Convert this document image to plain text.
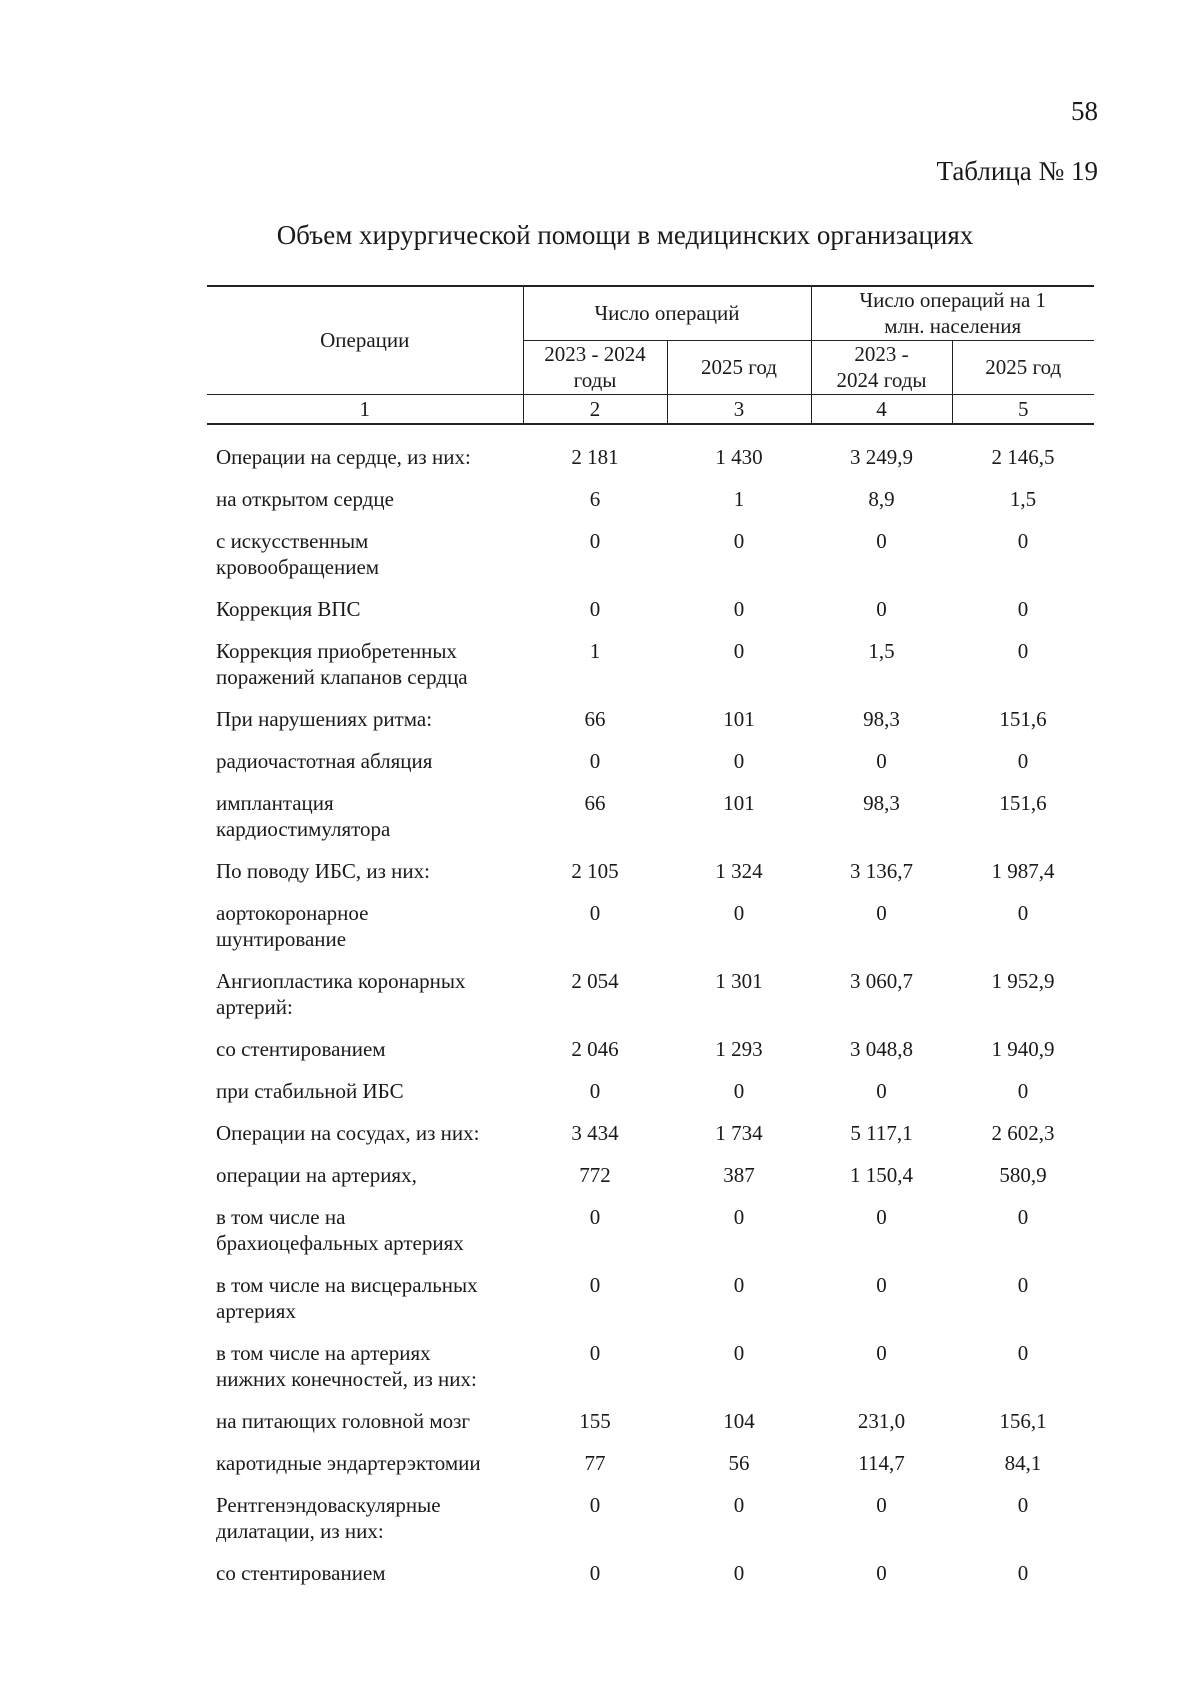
58
Таблица № 19
Объем хирургической помощи в медицинских организациях
Операции	Число операций		Число операций на 1 млн. населения	
	2023 - 2024 годы	2025 год	2023 - 2024 годы	2025 год
1	2	3	4	5
Операции на сердце, из них:	2 181	1 430	3 249,9	2 146,5
на открытом сердце	6	1	8,9	1,5
с искусственным кровообращением	0	0	0	0
Коррекция ВПС	0	0	0	0
Коррекция приобретенных поражений клапанов сердца	1	0	1,5	0
При нарушениях ритма:	66	101	98,3	151,6
радиочастотная абляция	0	0	0	0
имплантация кардиостимулятора	66	101	98,3	151,6
По поводу ИБС, из них:	2 105	1 324	3 136,7	1 987,4
аортокоронарное шунтирование	0	0	0	0
Ангиопластика коронарных артерий:	2 054	1 301	3 060,7	1 952,9
со стентированием	2 046	1 293	3 048,8	1 940,9
при стабильной ИБС	0	0	0	0
Операции на сосудах, из них:	3 434	1 734	5 117,1	2 602,3
операции на артериях,	772	387	1 150,4	580,9
в том числе на брахиоцефальных артериях	0	0	0	0
в том числе на висцеральных артериях	0	0	0	0
в том числе на артериях нижних конечностей, из них:	0	0	0	0
на питающих головной мозг	155	104	231,0	156,1
каротидные эндартерэктомии	77	56	114,7	84,1
Рентгенэндоваскулярные дилатации, из них:	0	0	0	0
со стентированием	0	0	0	0
